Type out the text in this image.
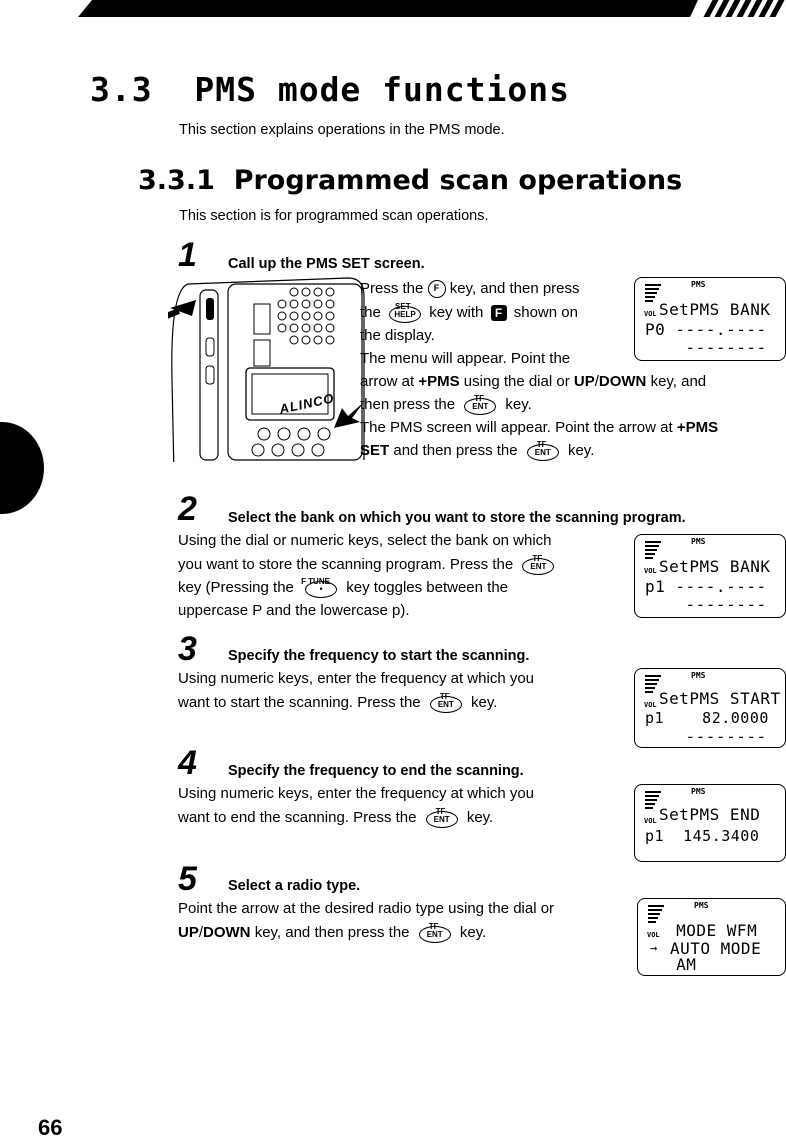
3.3 PMS mode functions
This section explains operations in the PMS mode.
3.3.1 Programmed scan operations
This section is for programmed scan operations.
1 Call up the PMS SET screen.
ALINCO
Press the F key, and then press
the SET
HELP key with F shown on
the display.
The menu will appear. Point the
arrow at +PMS using the dial or UP/DOWN key, and
then press the TF
ENT	key.
The PMS screen will appear. Point the arrow at +PMS
SET and then press the TF
ENT	key.
PMS
VOL SetPMS BANK
P0 ----.----
--------
2 Select the bank on which you want to store the scanning program.
Using the dial or numeric keys, select the bank on which
you want to store the scanning program. Press the TF
ENT
key (Pressing the F TUNE
•	key toggles between the
uppercase P and the lowercase p).
PMS
VOL SetPMS BANK
p1 ----.----
--------
3 Specify the frequency to start the scanning.
Using numeric keys, enter the frequency at which you
want to start the scanning. Press the TF
ENT	key.
PMS
VOL SetPMS START
p1    82.0000
--------
4 Specify the frequency to end the scanning.
Using numeric keys, enter the frequency at which you
want to end the scanning. Press the TF
ENT	key.
PMS
VOL SetPMS END
p1  145.3400
5 Select a radio type.
Point the arrow at the desired radio type using the dial or
UP/DOWN key, and then press the TF
ENT	key.
PMS
VOL MODE WFM
→ AUTO MODE
AM
66
